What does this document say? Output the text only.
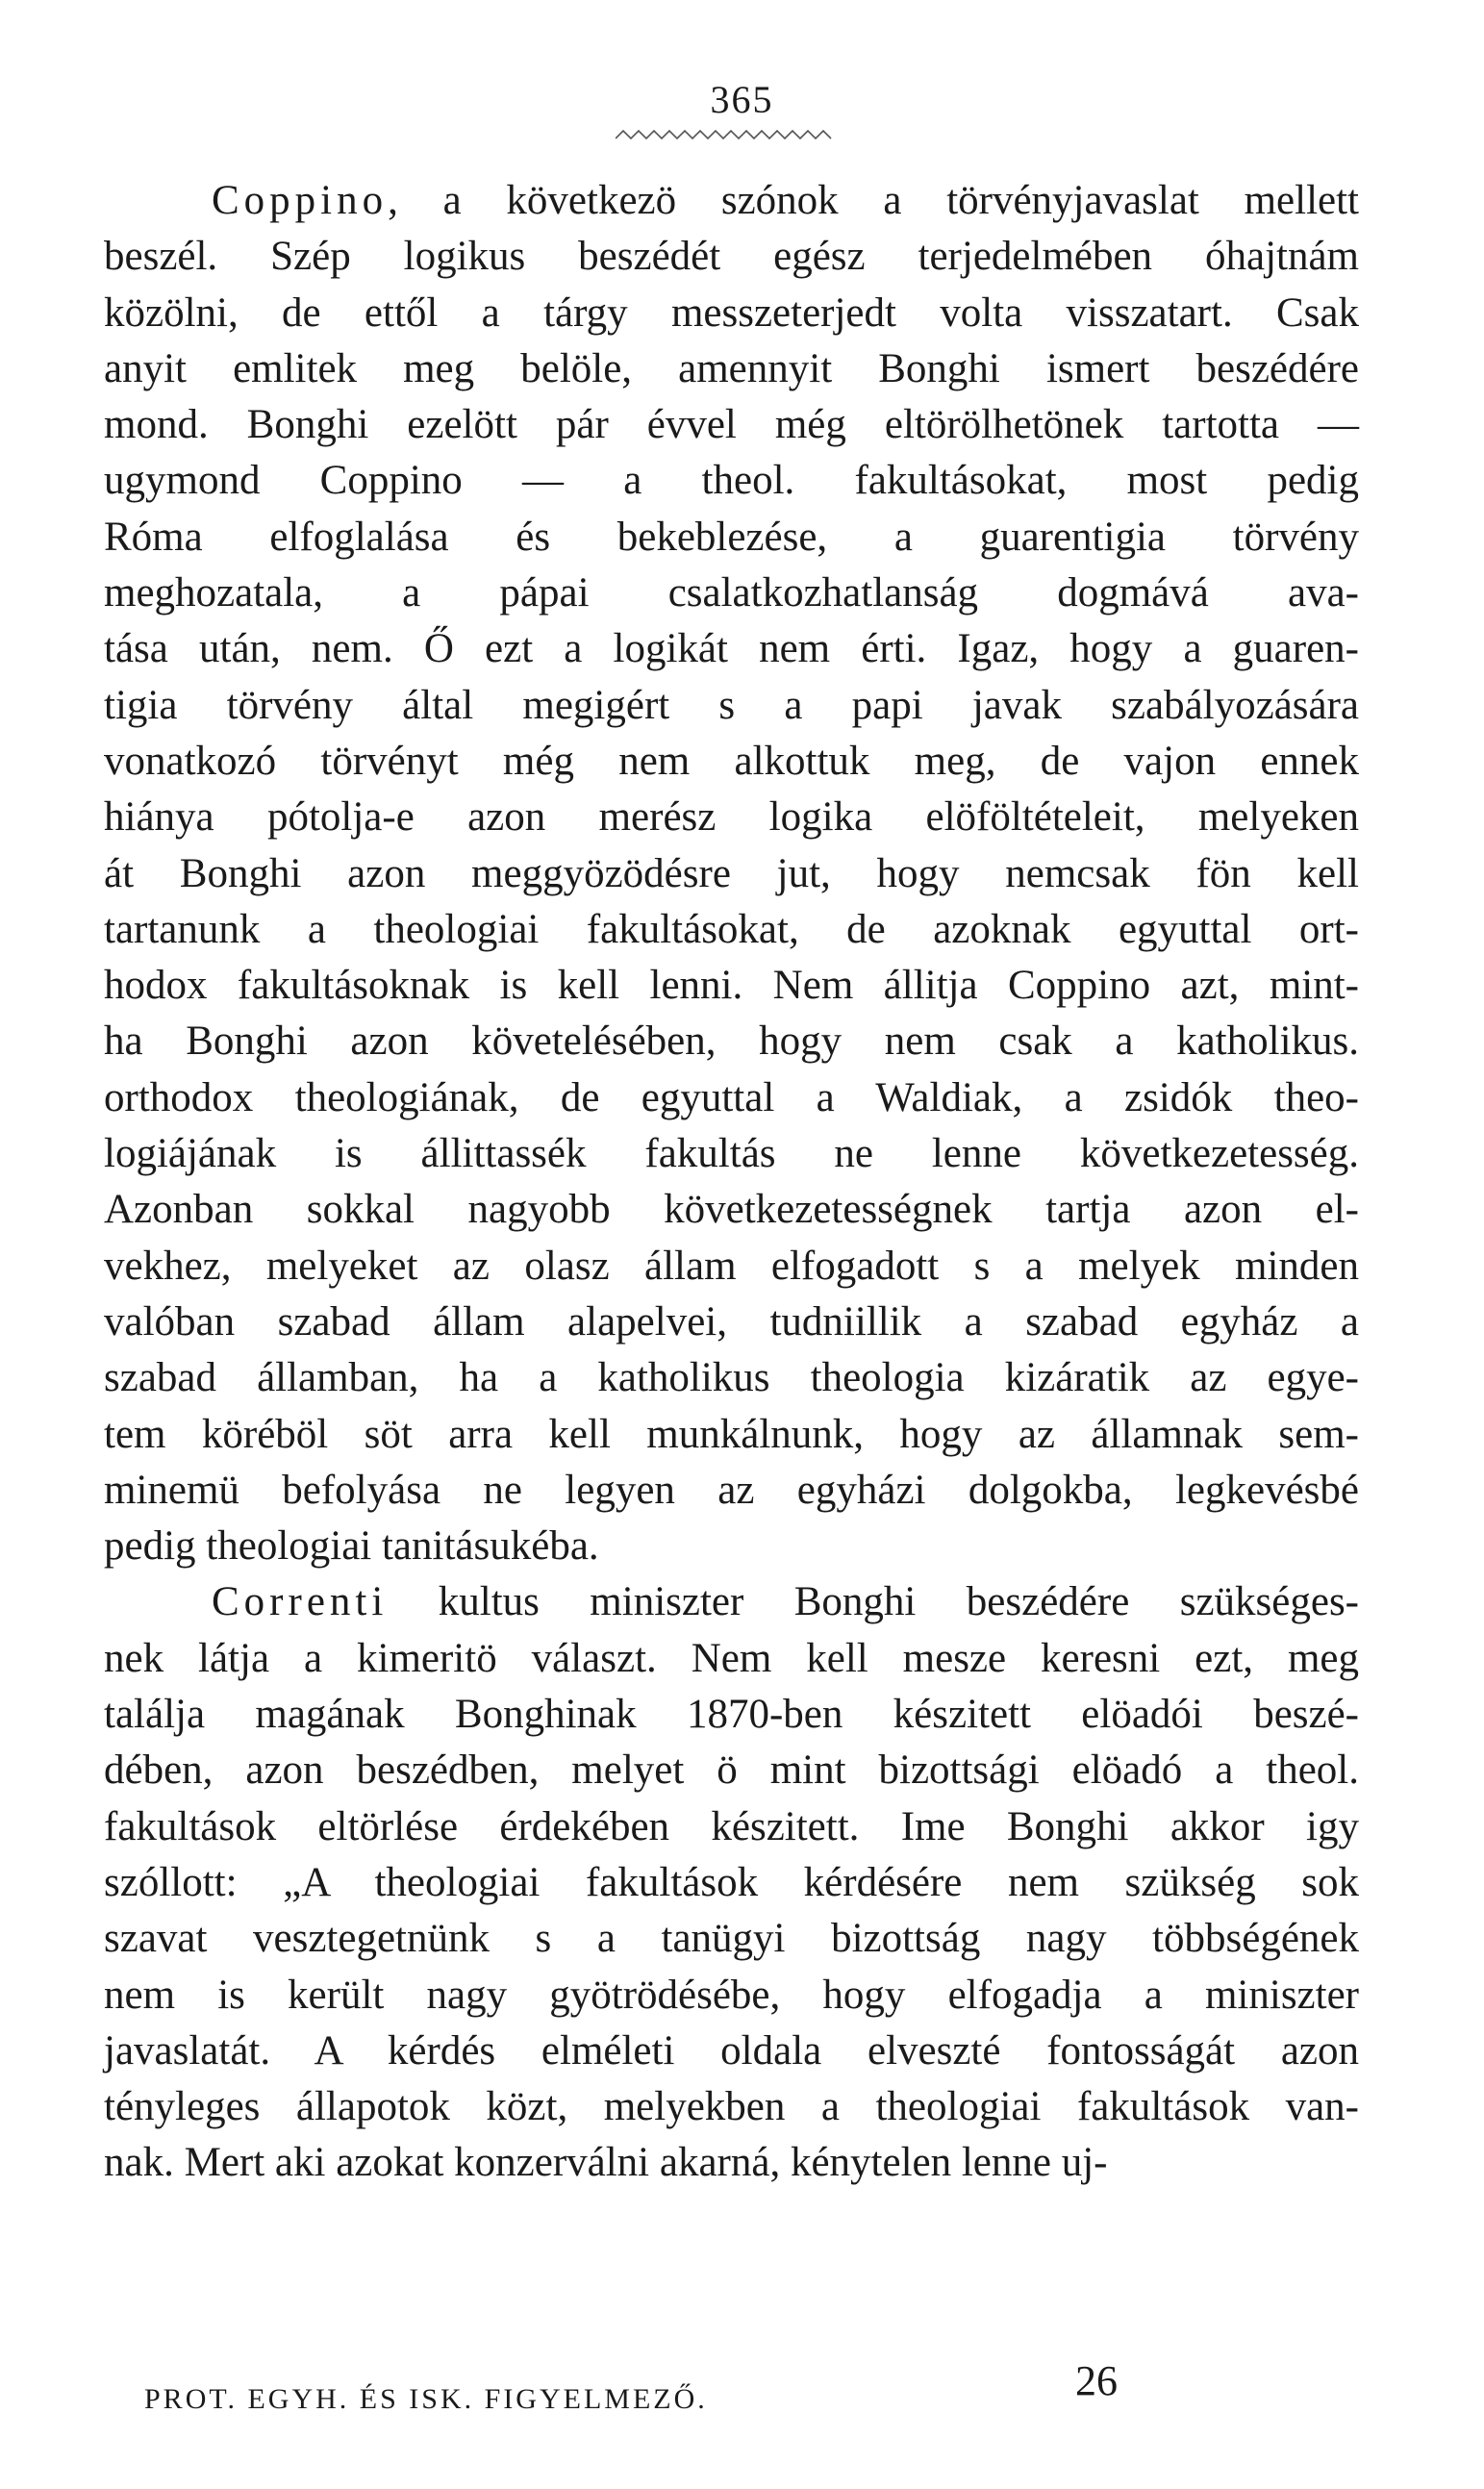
365

Coppino, a következö szónok a törvényjavaslat mellett

beszél. Szép logikus beszédét egész terjedelmében óhajtnám

közölni, de ettől a tárgy messzeterjedt volta visszatart. Csak

anyit emlitek meg belöle, amennyit Bonghi ismert beszédére

mond. Bonghi ezelött pár évvel még eltörölhetönek tartotta —

ugymond Coppino — a theol. fakultásokat, most pedig

Róma elfoglalása és bekeblezése, a guarentigia törvény

meghozatala, a pápai csalatkozhatlanság dogmává ava-

tása után, nem. Ő ezt a logikát nem érti. Igaz, hogy a guaren-

tigia törvény által megigért s a papi javak szabályozására

vonatkozó törvényt még nem alkottuk meg, de vajon ennek

hiánya pótolja-e azon merész logika elöföltételeit, melyeken

át Bonghi azon meggyözödésre jut, hogy nemcsak fön kell

tartanunk a theologiai fakultásokat, de azoknak egyuttal ort-

hodox fakultásoknak is kell lenni. Nem állitja Coppino azt, mint-

ha Bonghi azon követelésében, hogy nem csak a katholikus.

orthodox theologiának, de egyuttal a Waldiak, a zsidók theo-

logiájának is állittassék fakultás ne lenne következetesség.

Azonban sokkal nagyobb következetességnek tartja azon el-

vekhez, melyeket az olasz állam elfogadott s a melyek minden

valóban szabad állam alapelvei, tudniillik a szabad egyház a

szabad államban, ha a katholikus theologia kizáratik az egye-

tem köréböl söt arra kell munkálnunk, hogy az államnak sem-

minemü befolyása ne legyen az egyházi dolgokba, legkevésbé

pedig theologiai tanitásukéba.

Correnti kultus miniszter Bonghi beszédére szükséges-

nek látja a kimeritö választ. Nem kell mesze keresni ezt, meg

találja magának Bonghinak 1870-ben készitett elöadói beszé-

dében, azon beszédben, melyet ö mint bizottsági elöadó a theol.

fakultások eltörlése érdekében készitett. Ime Bonghi akkor igy

szóllott: „A theologiai fakultások kérdésére nem szükség sok

szavat vesztegetnünk s a tanügyi bizottság nagy többségének

nem is került nagy gyötrödésébe, hogy elfogadja a miniszter

javaslatát. A kérdés elméleti oldala elveszté fontosságát azon

tényleges állapotok közt, melyekben a theologiai fakultások van-

nak. Mert aki azokat konzerválni akarná, kénytelen lenne uj-

PROT. EGYH. ÉS ISK. FIGYELMEZŐ.	26
